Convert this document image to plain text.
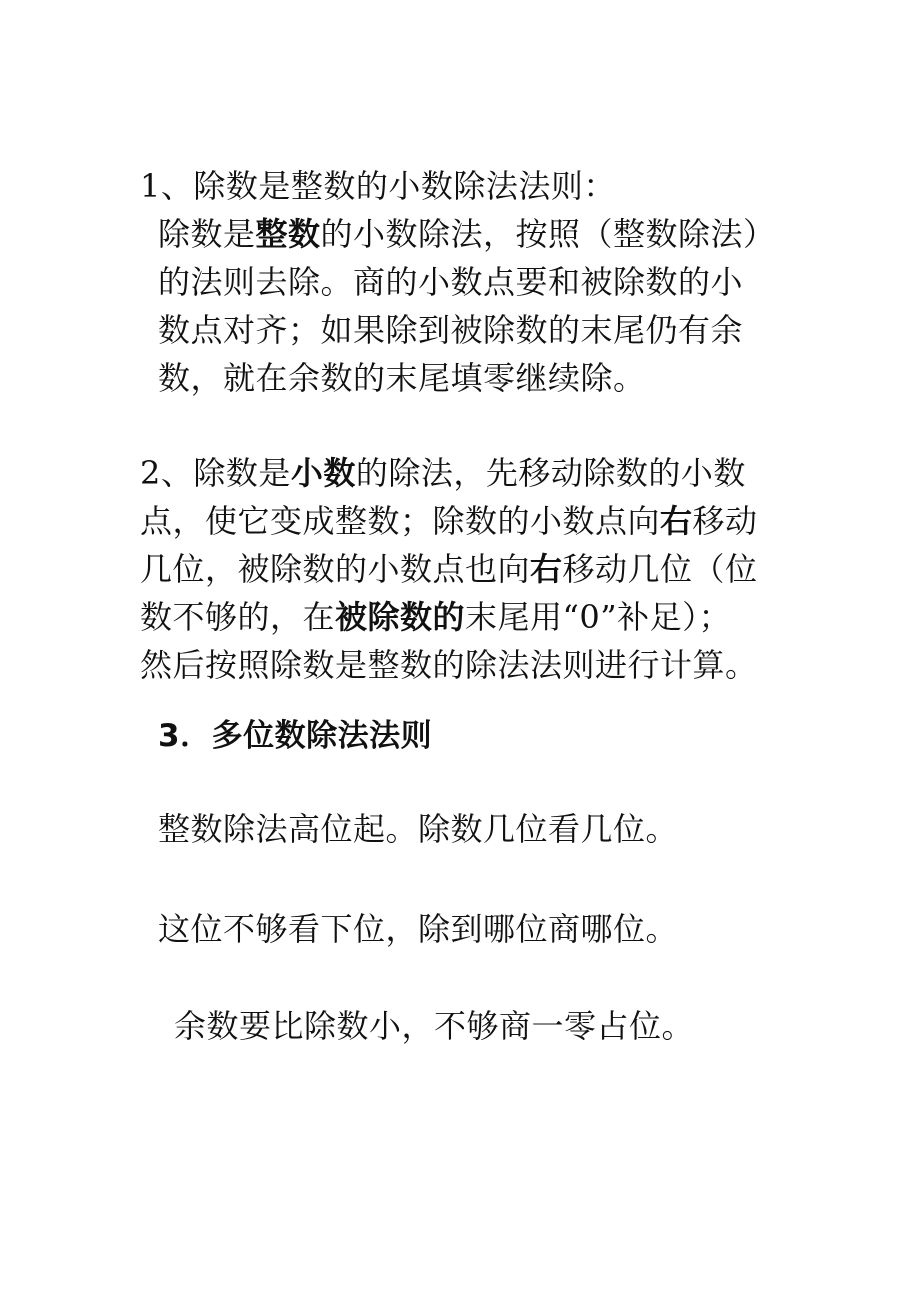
1、除数是整数的小数除法法则：
除数是整数的小数除法，按照（整数除法）
的法则去除。商的小数点要和被除数的小
数点对齐；如果除到被除数的末尾仍有余
数，就在余数的末尾填零继续除。
2、除数是小数的除法，先移动除数的小数
点，使它变成整数；除数的小数点向右移动
几位，被除数的小数点也向右移动几位（位
数不够的，在被除数的末尾用“0”补足）；
然后按照除数是整数的除法法则进行计算。
3．多位数除法法则
整数除法高位起。除数几位看几位。
这位不够看下位，除到哪位商哪位。
余数要比除数小，不够商一零占位。
